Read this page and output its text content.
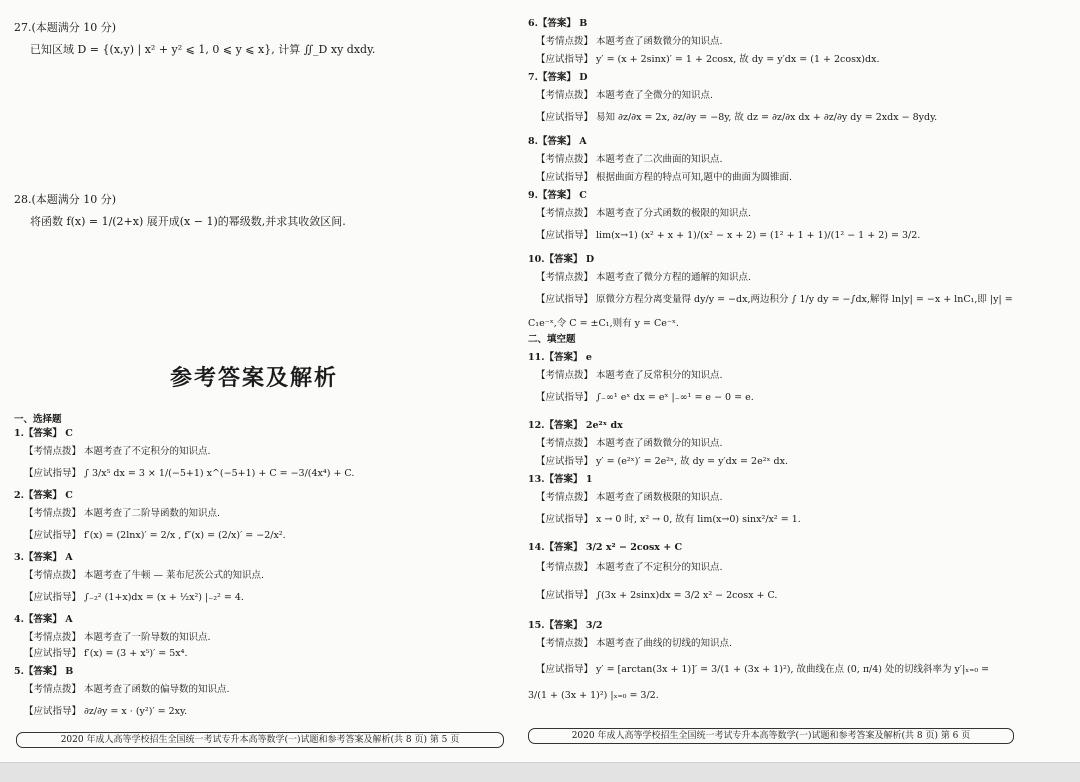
27.(本题满分 10 分)
已知区域 D = {(x,y) | x² + y² ⩽ 1, 0 ⩽ y ⩽ x}, 计算 ∬_D xy dxdy.
28.(本题满分 10 分)
将函数 f(x) = 1/(2+x) 展开成(x − 1)的幂级数,并求其收敛区间.
参考答案及解析
一、选择题
1.【答案】 C
【考情点拨】 本题考查了不定积分的知识点.
【应试指导】 ∫ 3/x⁵ dx = 3 × 1/(−5+1) x^(−5+1) + C = −3/(4x⁴) + C.
2.【答案】 C
【考情点拨】 本题考查了二阶导函数的知识点.
【应试指导】 f′(x) = (2lnx)′ = 2/x , f″(x) = (2/x)′ = −2/x².
3.【答案】 A
【考情点拨】 本题考查了牛顿 — 莱布尼茨公式的知识点.
【应试指导】 ∫₋₂² (1+x)dx = (x + ½x²) |₋₂² = 4.
4.【答案】 A
【考情点拨】 本题考查了一阶导数的知识点.
【应试指导】 f′(x) = (3 + x⁵)′ = 5x⁴.
5.【答案】 B
【考情点拨】 本题考查了函数的偏导数的知识点.
【应试指导】 ∂z/∂y = x · (y²)′ = 2xy.
2020 年成人高等学校招生全国统一考试专升本高等数学(一)试题和参考答案及解析(共 8 页) 第 5 页
6.【答案】 B
【考情点拨】 本题考查了函数微分的知识点.
【应试指导】 y′ = (x + 2sinx)′ = 1 + 2cosx, 故 dy = y′dx = (1 + 2cosx)dx.
7.【答案】 D
【考情点拨】 本题考查了全微分的知识点.
【应试指导】 易知 ∂z/∂x = 2x, ∂z/∂y = −8y, 故 dz = ∂z/∂x dx + ∂z/∂y dy = 2xdx − 8ydy.
8.【答案】 A
【考情点拨】 本题考查了二次曲面的知识点.
【应试指导】 根据曲面方程的特点可知,题中的曲面为圆锥面.
9.【答案】 C
【考情点拨】 本题考查了分式函数的极限的知识点.
【应试指导】 lim(x→1) (x² + x + 1)/(x² − x + 2) = (1² + 1 + 1)/(1² − 1 + 2) = 3/2.
10.【答案】 D
【考情点拨】 本题考查了微分方程的通解的知识点.
【应试指导】 原微分方程分离变量得 dy/y = −dx,两边积分 ∫ 1/y dy = −∫dx,解得 ln|y| = −x + lnC₁,即 |y| =
C₁e⁻ˣ,令 C = ±C₁,则有 y = Ce⁻ˣ.
二、填空题
11.【答案】 e
【考情点拨】 本题考查了反常积分的知识点.
【应试指导】 ∫₋∞¹ eˣ dx = eˣ |₋∞¹ = e − 0 = e.
12.【答案】 2e²ˣ dx
【考情点拨】 本题考查了函数微分的知识点.
【应试指导】 y′ = (e²ˣ)′ = 2e²ˣ, 故 dy = y′dx = 2e²ˣ dx.
13.【答案】 1
【考情点拨】 本题考查了函数极限的知识点.
【应试指导】 x → 0 时, x² → 0, 故有 lim(x→0) sinx²/x² = 1.
14.【答案】 3/2 x² − 2cosx + C
【考情点拨】 本题考查了不定积分的知识点.
【应试指导】 ∫(3x + 2sinx)dx = 3/2 x² − 2cosx + C.
15.【答案】 3/2
【考情点拨】 本题考查了曲线的切线的知识点.
【应试指导】 y′ = [arctan(3x + 1)]′ = 3/(1 + (3x + 1)²), 故曲线在点 (0, π/4) 处的切线斜率为 y′|ₓ₌₀ =
3/(1 + (3x + 1)²) |ₓ₌₀ = 3/2.
2020 年成人高等学校招生全国统一考试专升本高等数学(一)试题和参考答案及解析(共 8 页) 第 6 页
